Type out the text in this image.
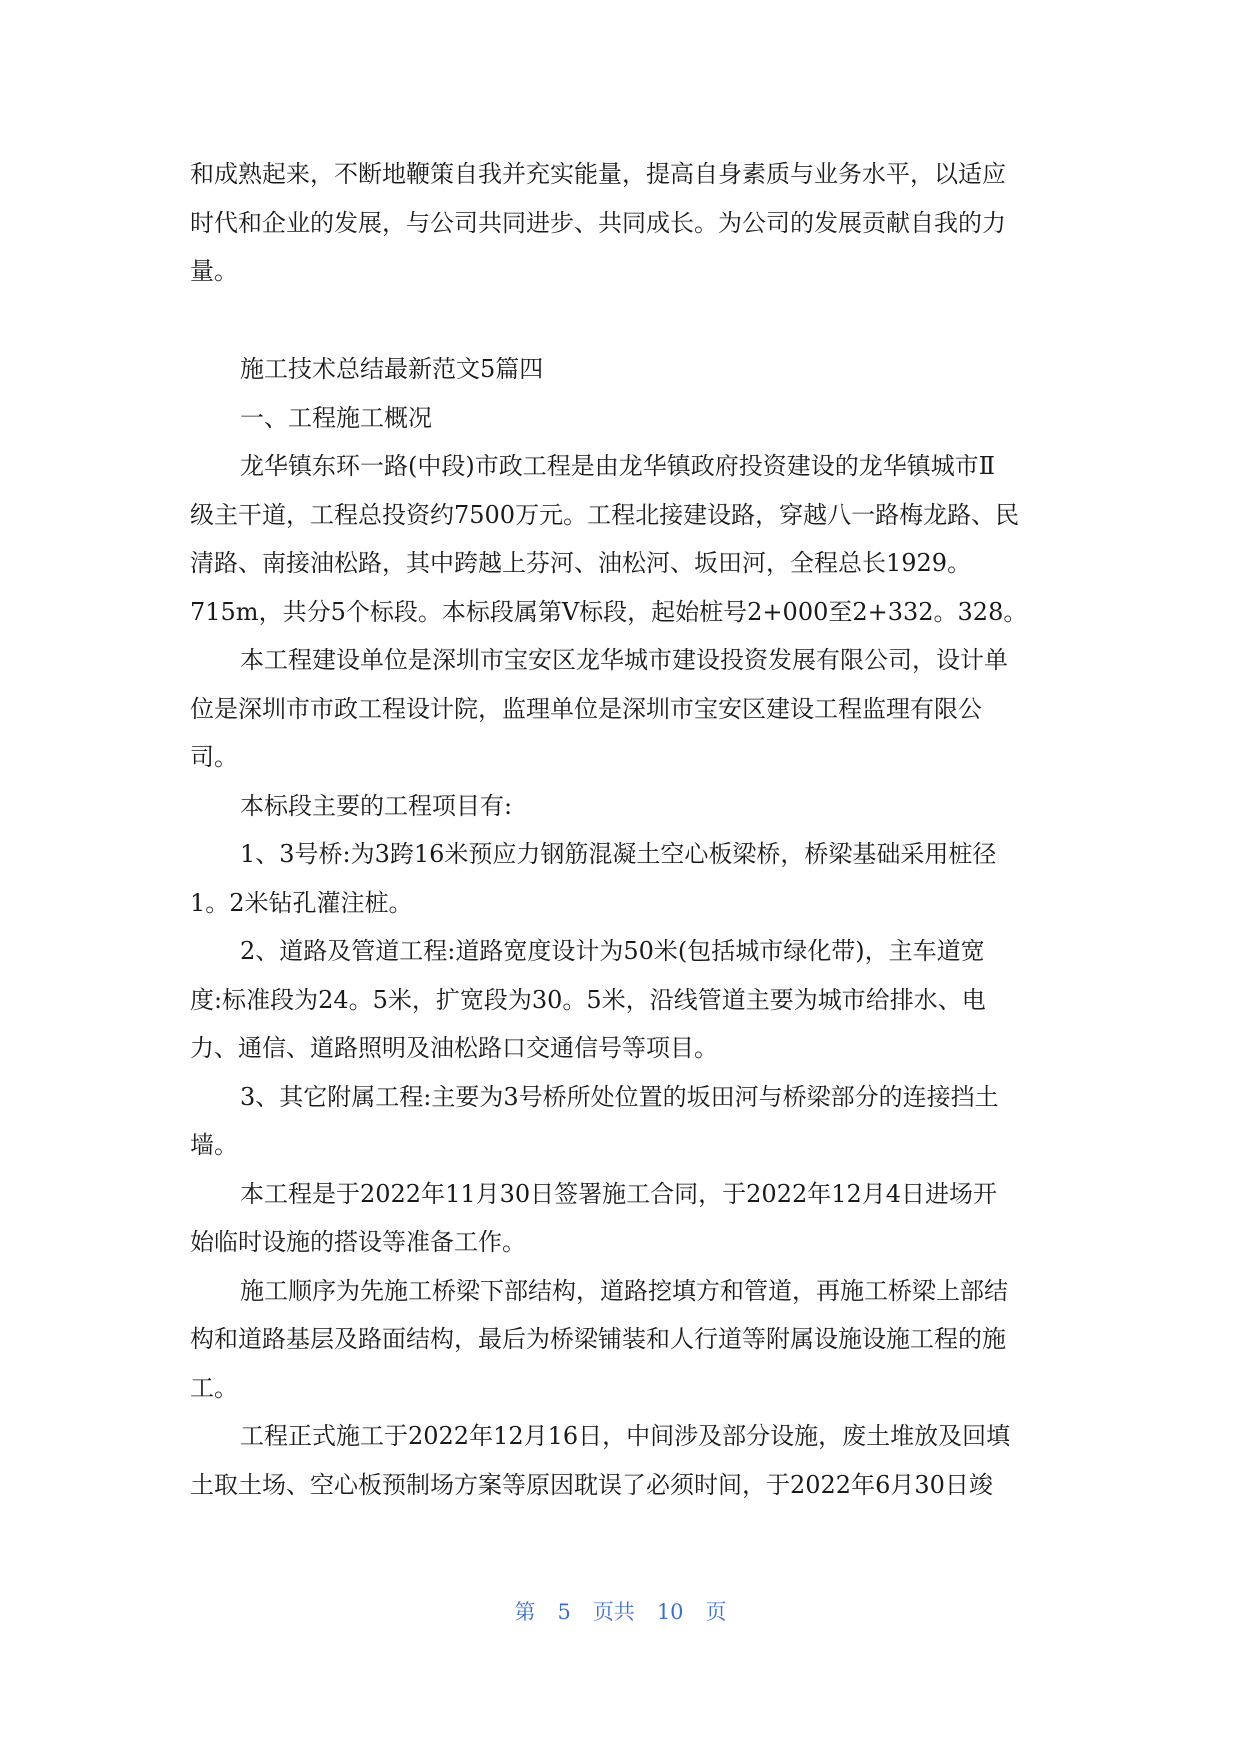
和成熟起来，不断地鞭策自我并充实能量，提高自身素质与业务水平，以适应
时代和企业的发展，与公司共同进步、共同成长。为公司的发展贡献自我的力
量。
施工技术总结最新范文5篇四
一、工程施工概况
龙华镇东环一路(中段)市政工程是由龙华镇政府投资建设的龙华镇城市Ⅱ
级主干道，工程总投资约7500万元。工程北接建设路，穿越八一路梅龙路、民
清路、南接油松路，其中跨越上芬河、油松河、坂田河，全程总长1929。
715m，共分5个标段。本标段属第Ⅴ标段，起始桩号2+000至2+332。328。
本工程建设单位是深圳市宝安区龙华城市建设投资发展有限公司，设计单
位是深圳市市政工程设计院，监理单位是深圳市宝安区建设工程监理有限公
司。
本标段主要的工程项目有:
1、3号桥:为3跨16米预应力钢筋混凝土空心板梁桥，桥梁基础采用桩径
1。2米钻孔灌注桩。
2、道路及管道工程:道路宽度设计为50米(包括城市绿化带)，主车道宽
度:标准段为24。5米，扩宽段为30。5米，沿线管道主要为城市给排水、电
力、通信、道路照明及油松路口交通信号等项目。
3、其它附属工程:主要为3号桥所处位置的坂田河与桥梁部分的连接挡土
墙。
本工程是于2022年11月30日签署施工合同，于2022年12月4日进场开
始临时设施的搭设等准备工作。
施工顺序为先施工桥梁下部结构，道路挖填方和管道，再施工桥梁上部结
构和道路基层及路面结构，最后为桥梁铺装和人行道等附属设施设施工程的施
工。
工程正式施工于2022年12月16日，中间涉及部分设施，废土堆放及回填
土取土场、空心板预制场方案等原因耽误了必须时间，于2022年6月30日竣
第 5 页共 10 页
